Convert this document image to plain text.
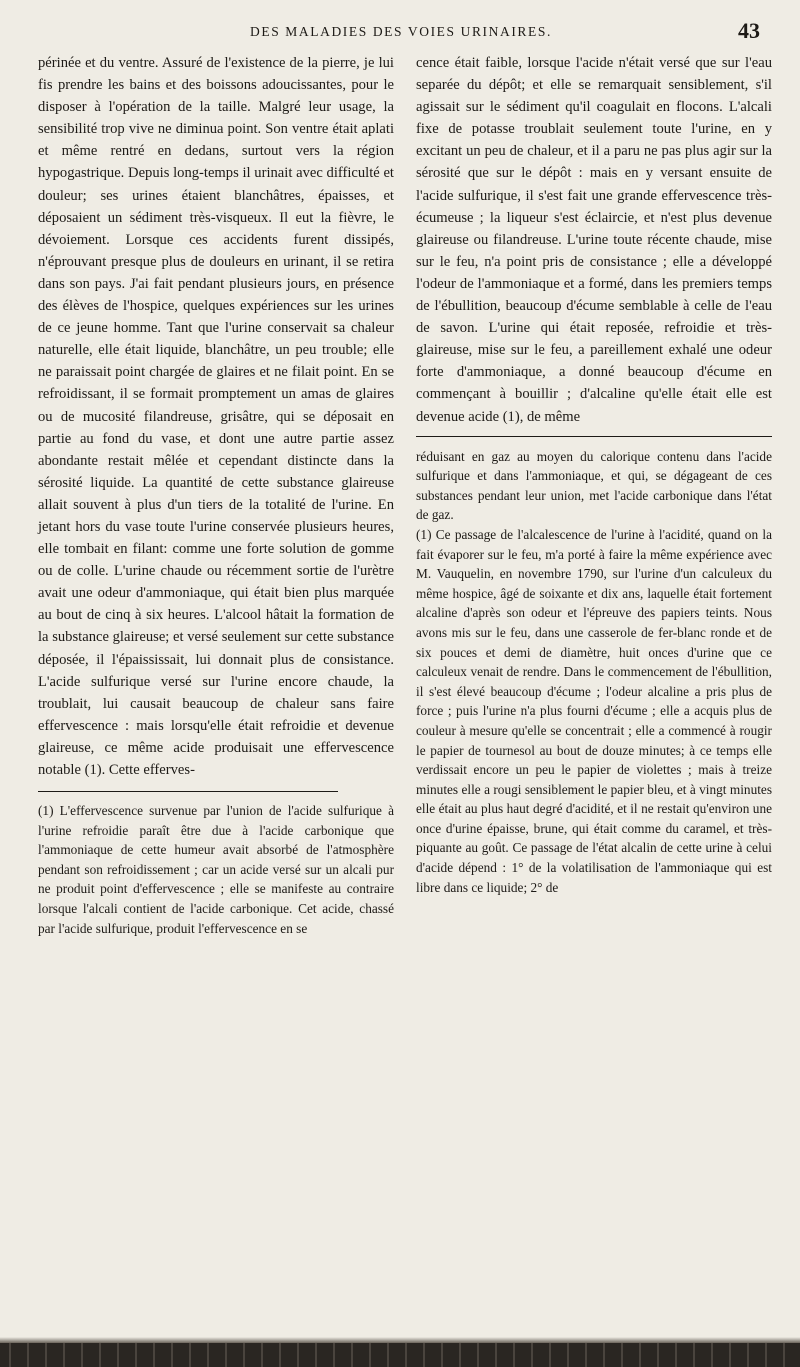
DES MALADIES DES VOIES URINAIRES.	43

périnée et du ventre. Assuré de l'existence de la pierre, je lui fis prendre les bains et des boissons adoucissantes, pour le disposer à l'opération de la taille. Malgré leur usage, la sensibilité trop vive ne diminua point. Son ventre était aplati et même rentré en dedans, surtout vers la région hypogastrique. Depuis long-temps il urinait avec difficulté et douleur; ses urines étaient blanchâtres, épaisses, et déposaient un sédiment très-visqueux. Il eut la fièvre, le dévoiement. Lorsque ces accidents furent dissipés, n'éprouvant presque plus de douleurs en urinant, il se retira dans son pays. J'ai fait pendant plusieurs jours, en présence des élèves de l'hospice, quelques expériences sur les urines de ce jeune homme. Tant que l'urine conservait sa chaleur naturelle, elle était liquide, blanchâtre, un peu trouble; elle ne paraissait point chargée de glaires et ne filait point. En se refroidissant, il se formait promptement un amas de glaires ou de mucosité filandreuse, grisâtre, qui se déposait en partie au fond du vase, et dont une autre partie assez abondante restait mêlée et cependant distincte dans la sérosité liquide. La quantité de cette substance glaireuse allait souvent à plus d'un tiers de la totalité de l'urine. En jetant hors du vase toute l'urine conservée plusieurs heures, elle tombait en filant: comme une forte solution de gomme ou de colle. L'urine chaude ou récemment sortie de l'urètre avait une odeur d'ammoniaque, qui était bien plus marquée au bout de cinq à six heures. L'alcool hâtait la formation de la substance glaireuse; et versé seulement sur cette substance déposée, il l'épaississait, lui donnait plus de consistance. L'acide sulfurique versé sur l'urine encore chaude, la troublait, lui causait beaucoup de chaleur sans faire effervescence : mais lorsqu'elle était refroidie et devenue glaireuse, ce même acide produisait une effervescence notable (1). Cette efferves-

(1) L'effervescence survenue par l'union de l'acide sulfurique à l'urine refroidie paraît être due à l'acide carbonique que l'ammoniaque de cette humeur avait absorbé de l'atmosphère pendant son refroidissement ; car un acide versé sur un alcali pur ne produit point d'effervescence ; elle se manifeste au contraire lorsque l'alcali contient de l'acide carbonique. Cet acide, chassé par l'acide sulfurique, produit l'effervescence en se

cence était faible, lorsque l'acide n'était versé que sur l'eau separée du dépôt; et elle se remarquait sensiblement, s'il agissait sur le sédiment qu'il coagulait en flocons. L'alcali fixe de potasse troublait seulement toute l'urine, en y excitant un peu de chaleur, et il a paru ne pas plus agir sur la sérosité que sur le dépôt : mais en y versant ensuite de l'acide sulfurique, il s'est fait une grande effervescence très-écumeuse ; la liqueur s'est éclaircie, et n'est plus devenue glaireuse ou filandreuse. L'urine toute récente chaude, mise sur le feu, n'a point pris de consistance ; elle a développé l'odeur de l'ammoniaque et a formé, dans les premiers temps de l'ébullition, beaucoup d'écume semblable à celle de l'eau de savon. L'urine qui était reposée, refroidie et très-glaireuse, mise sur le feu, a pareillement exhalé une odeur forte d'ammoniaque, a donné beaucoup d'écume en commençant à bouillir ; d'alcaline qu'elle était elle est devenue acide (1), de même

réduisant en gaz au moyen du calorique contenu dans l'acide sulfurique et dans l'ammoniaque, et qui, se dégageant de ces substances pendant leur union, met l'acide carbonique dans l'état de gaz.

(1) Ce passage de l'alcalescence de l'urine à l'acidité, quand on la fait évaporer sur le feu, m'a porté à faire la même expérience avec M. Vauquelin, en novembre 1790, sur l'urine d'un calculeux du même hospice, âgé de soixante et dix ans, laquelle était fortement alcaline d'après son odeur et l'épreuve des papiers teints. Nous avons mis sur le feu, dans une casserole de fer-blanc ronde et de six pouces et demi de diamètre, huit onces d'urine que ce calculeux venait de rendre. Dans le commencement de l'ébullition, il s'est élevé beaucoup d'écume ; l'odeur alcaline a pris plus de force ; puis l'urine n'a plus fourni d'écume ; elle a acquis plus de couleur à mesure qu'elle se concentrait ; elle a commencé à rougir le papier de tournesol au bout de douze minutes; à ce temps elle verdissait encore un peu le papier de violettes ; mais à treize minutes elle a rougi sensiblement le papier bleu, et à vingt minutes elle était au plus haut degré d'acidité, et il ne restait qu'environ une once d'urine épaisse, brune, qui était comme du caramel, et très-piquante au goût. Ce passage de l'état alcalin de cette urine à celui d'acide dépend : 1° de la volatilisation de l'ammoniaque qui est libre dans ce liquide; 2° de
